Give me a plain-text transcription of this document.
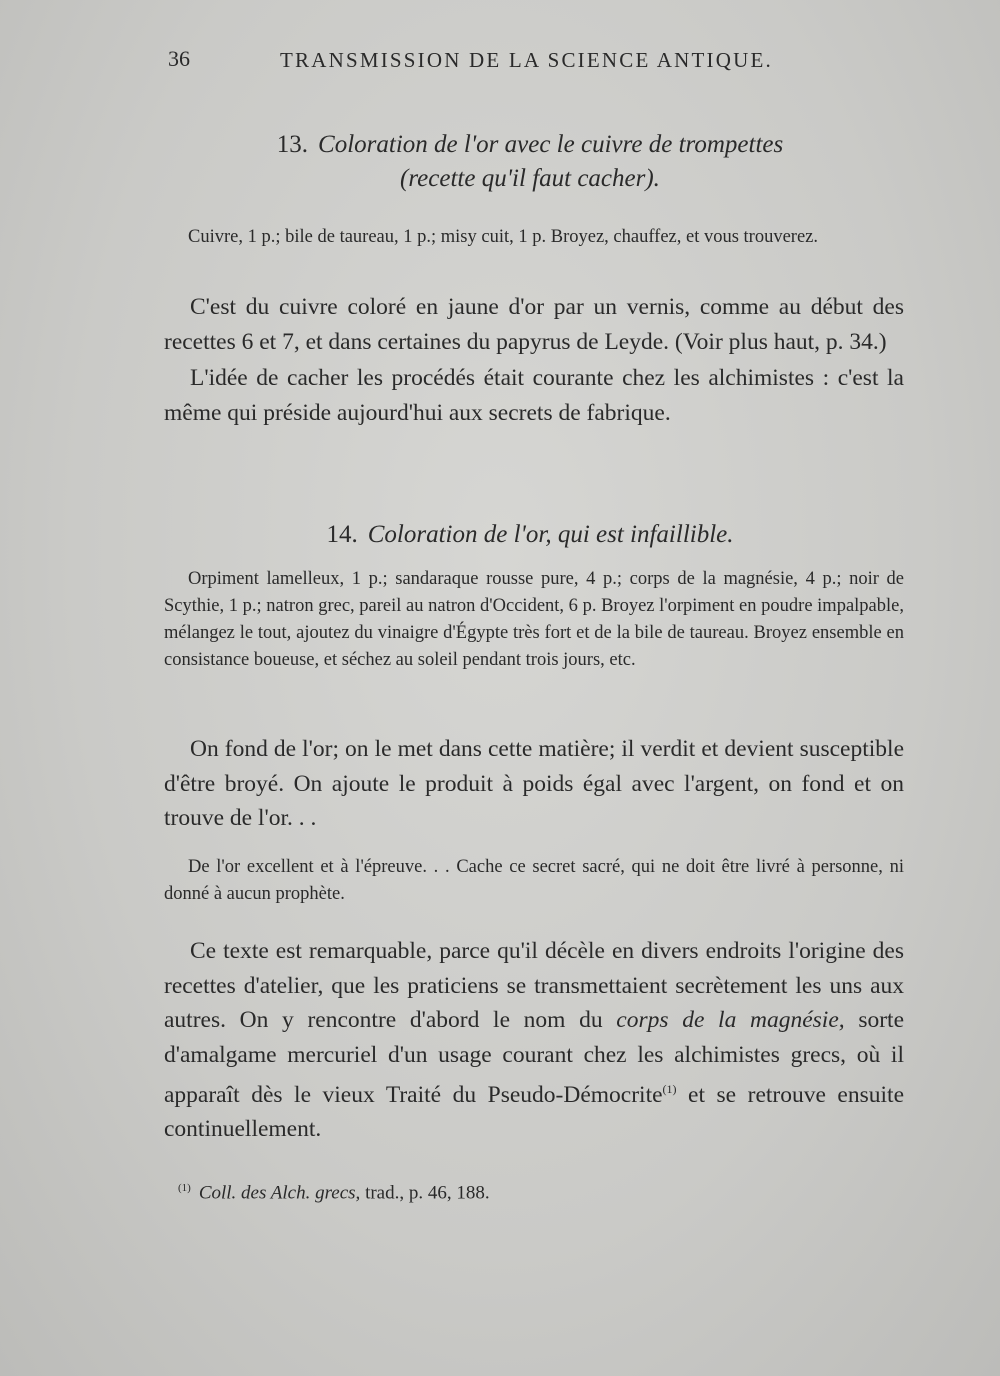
36	TRANSMISSION DE LA SCIENCE ANTIQUE.
13. Coloration de l'or avec le cuivre de trompettes
(recette qu'il faut cacher).
Cuivre, 1 p.; bile de taureau, 1 p.; misy cuit, 1 p. Broyez, chauffez, et vous trouverez.

C'est du cuivre coloré en jaune d'or par un vernis, comme au début des recettes 6 et 7, et dans certaines du papyrus de Leyde. (Voir plus haut, p. 34.)

L'idée de cacher les procédés était courante chez les alchimistes : c'est la même qui préside aujourd'hui aux secrets de fabrique.

14. Coloration de l'or, qui est infaillible.
Orpiment lamelleux, 1 p.; sandaraque rousse pure, 4 p.; corps de la magnésie, 4 p.; noir de Scythie, 1 p.; natron grec, pareil au natron d'Occident, 6 p. Broyez l'orpiment en poudre impalpable, mélangez le tout, ajoutez du vinaigre d'Égypte très fort et de la bile de taureau. Broyez ensemble en consistance boueuse, et séchez au soleil pendant trois jours, etc.

On fond de l'or; on le met dans cette matière; il verdit et devient susceptible d'être broyé. On ajoute le produit à poids égal avec l'argent, on fond et on trouve de l'or. . .

De l'or excellent et à l'épreuve. . . Cache ce secret sacré, qui ne doit être livré à personne, ni donné à aucun prophète.

Ce texte est remarquable, parce qu'il décèle en divers endroits l'origine des recettes d'atelier, que les praticiens se transmettaient secrètement les uns aux autres. On y rencontre d'abord le nom du corps de la magnésie, sorte d'amalgame mercuriel d'un usage courant chez les alchimistes grecs, où il apparaît dès le vieux Traité du Pseudo-Démocrite$^{(1)}$ et se retrouve ensuite continuellement.

$^{(1)}$ Coll. des Alch. grecs, trad., p. 46, 188.
